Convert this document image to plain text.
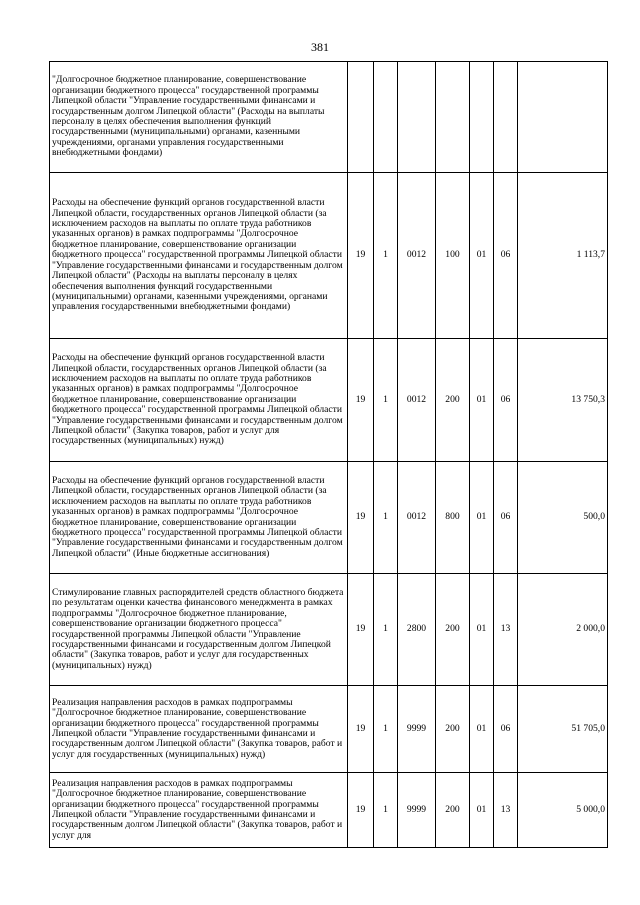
381
"Долгосрочное бюджетное планирование, совершенствование организации бюджетного процесса" государственной программы Липецкой области "Управление государственными финансами и государственным долгом Липецкой области" (Расходы на выплаты персоналу в целях обеспечения выполнения функций государственными (муниципальными) органами, казенными учреждениями, органами управления государственными внебюджетными фондами)							
Расходы на обеспечение функций органов государственной власти Липецкой области, государственных органов Липецкой области (за исключением расходов на выплаты по оплате труда работников указанных органов) в рамках подпрограммы "Долгосрочное бюджетное планирование, совершенствование организации бюджетного процесса" государственной программы Липецкой области "Управление государственными финансами и государственным долгом Липецкой области" (Расходы на выплаты персоналу в целях обеспечения выполнения функций государственными (муниципальными) органами, казенными учреждениями, органами управления государственными внебюджетными фондами)	19	1	0012	100	01	06	1 113,7
Расходы на обеспечение функций органов государственной власти Липецкой области, государственных органов Липецкой области (за исключением расходов на выплаты по оплате труда работников указанных органов) в рамках подпрограммы "Долгосрочное бюджетное планирование, совершенствование организации бюджетного процесса" государственной программы Липецкой области "Управление государственными финансами и государственным долгом Липецкой области" (Закупка товаров, работ и услуг для государственных (муниципальных) нужд)	19	1	0012	200	01	06	13 750,3
Расходы на обеспечение функций органов государственной власти Липецкой области, государственных органов Липецкой области (за исключением расходов на выплаты по оплате труда работников указанных органов) в рамках подпрограммы "Долгосрочное бюджетное планирование, совершенствование организации бюджетного процесса" государственной программы Липецкой области "Управление государственными финансами и государственным долгом Липецкой области" (Иные бюджетные ассигнования)	19	1	0012	800	01	06	500,0
Стимулирование главных распорядителей средств областного бюджета по результатам оценки качества финансового менеджмента в рамках подпрограммы "Долгосрочное бюджетное планирование, совершенствование организации бюджетного процесса" государственной программы Липецкой области "Управление государственными финансами и государственным долгом Липецкой области" (Закупка товаров, работ и услуг для государственных (муниципальных) нужд)	19	1	2800	200	01	13	2 000,0
Реализация направления расходов в рамках подпрограммы "Долгосрочное бюджетное планирование, совершенствование организации бюджетного процесса" государственной программы Липецкой области "Управление государственными финансами и государственным долгом Липецкой области" (Закупка товаров, работ и услуг для государственных (муниципальных) нужд)	19	1	9999	200	01	06	51 705,0
Реализация направления расходов в рамках подпрограммы "Долгосрочное бюджетное планирование, совершенствование организации бюджетного процесса" государственной программы Липецкой области "Управление государственными финансами и государственным долгом Липецкой области" (Закупка товаров, работ и услуг для	19	1	9999	200	01	13	5 000,0
